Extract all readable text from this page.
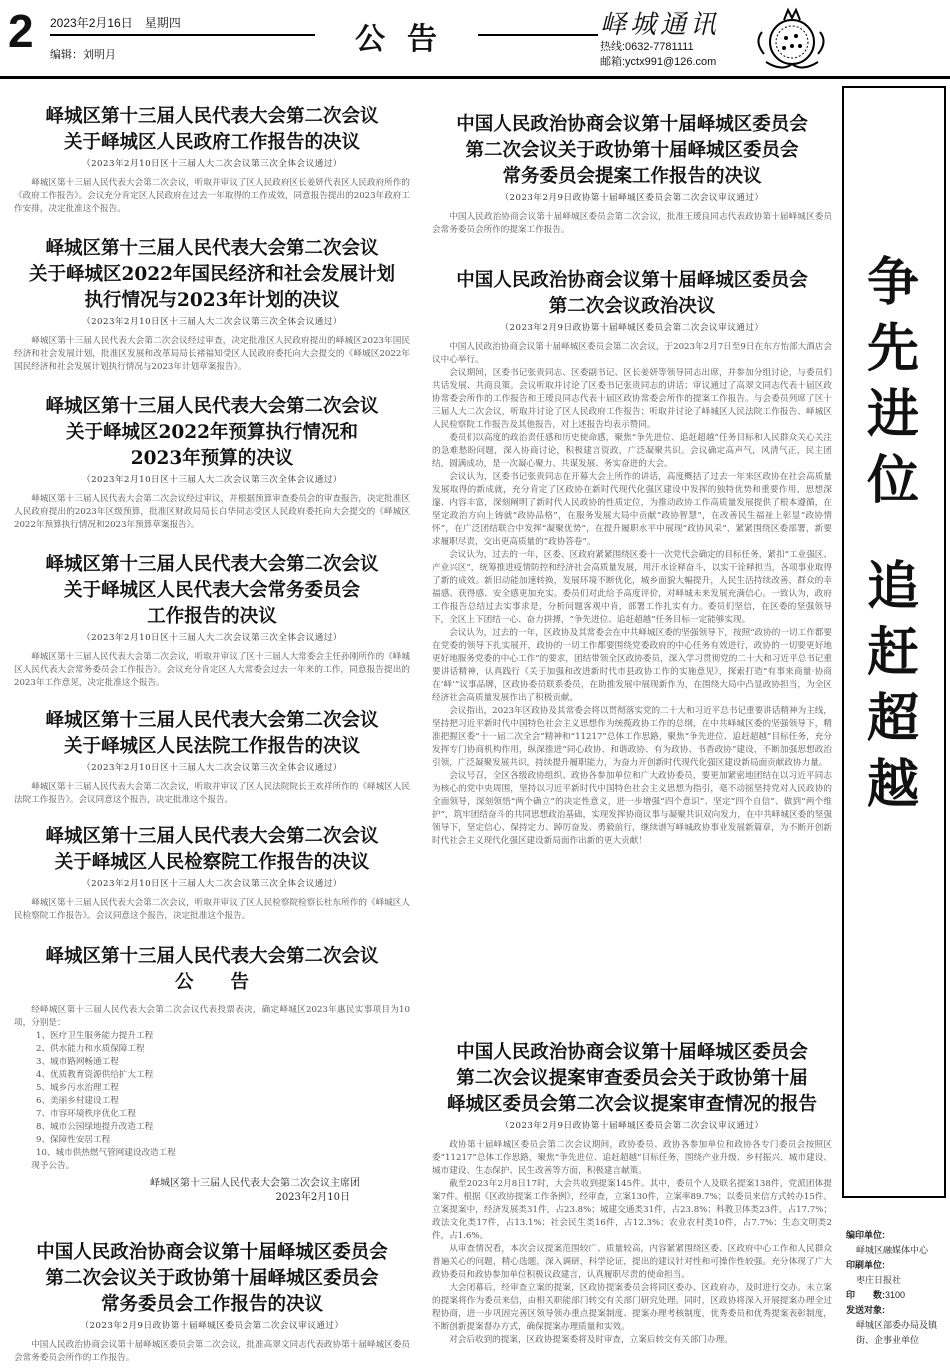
2 2023年2月16日　星期四
编辑：刘明月	公告	峄城通讯
热线:0632-7781111
邮箱:yctx991@126.com

峄城区第十三届人民代表大会第二次会议

关于峄城区人民政府工作报告的决议

（2023年2月10日区十三届人大二次会议第三次全体会议通过）

峄城区第十三届人民代表大会第二次会议，听取并审议了区人民政府区长姜妍代表区人民政府所作的《政府工作报告》。会议充分肯定区人民政府在过去一年取得的工作成效，同意报告提出的2023年政府工作安排，决定批准这个报告。

峄城区第十三届人民代表大会第二次会议

关于峄城区2022年国民经济和社会发展计划

执行情况与2023年计划的决议

（2023年2月10日区十三届人大二次会议第三次全体会议通过）

峄城区第十三届人民代表大会第二次会议经过审查，决定批准区人民政府提出的峄城区2023年国民经济和社会发展计划，批准区发展和改革局局长褚福知受区人民政府委托向大会提交的《峄城区2022年国民经济和社会发展计划执行情况与2023年计划草案报告》。

峄城区第十三届人民代表大会第二次会议

关于峄城区2022年预算执行情况和

2023年预算的决议

（2023年2月10日区十三届人大二次会议第三次全体会议通过）

峄城区第十三届人民代表大会第二次会议经过审议，并根据预算审查委员会的审查报告，决定批准区人民政府提出的2023年区级预算，批准区财政局局长白华同志受区人民政府委托向大会提交的《峄城区2022年预算执行情况和2023年预算草案报告》。

峄城区第十三届人民代表大会第二次会议

关于峄城区人民代表大会常务委员会

工作报告的决议

（2023年2月10日区十三届人大二次会议第三次全体会议通过）

峄城区第十三届人民代表大会第二次会议，听取并审议了区十三届人大常委会主任孙刚所作的《峄城区人民代表大会常务委员会工作报告》。会议充分肯定区人大常委会过去一年来的工作，同意报告提出的2023年工作意见，决定批准这个报告。

峄城区第十三届人民代表大会第二次会议

关于峄城区人民法院工作报告的决议

（2023年2月10日区十三届人大二次会议第三次全体会议通过）

峄城区第十三届人民代表大会第二次会议，听取并审议了区人民法院院长王欢祥所作的《峄城区人民法院工作报告》。会议同意这个报告，决定批准这个报告。

峄城区第十三届人民代表大会第二次会议

关于峄城区人民检察院工作报告的决议

（2023年2月10日区十三届人大二次会议第三次全体会议通过）

峄城区第十三届人民代表大会第二次会议，听取并审议了区人民检察院检察长杜东所作的《峄城区人民检察院工作报告》。会议同意这个报告，决定批准这个报告。

峄城区第十三届人民代表大会第二次会议

公　　告

经峄城区第十三届人民代表大会第二次会议代表投票表决，确定峄城区2023年惠民实事项目为10项，分别是：

1、医疗卫生服务能力提升工程
2、供水能力和水质保障工程
3、城市路网畅通工程
4、优质教育资源供给扩大工程
5、城乡污水治理工程
6、美丽乡村建设工程
7、市容环境秩序优化工程
8、城市公园绿地提升改造工程
9、保障性安居工程
10、城市供热燃气管网建设改造工程

现予公告。

峄城区第十三届人民代表大会第二次会议主席团
2023年2月10日

中国人民政治协商会议第十届峄城区委员会

第二次会议关于政协第十届峄城区委员会

常务委员会工作报告的决议

（2023年2月9日政协第十届峄城区委员会第二次会议审议通过）

中国人民政治协商会议第十届峄城区委员会第二次会议，批准高翠文同志代表政协第十届峄城区委员会常务委员会所作的工作报告。

中国人民政治协商会议第十届峄城区委员会

第二次会议关于政协第十届峄城区委员会

常务委员会提案工作报告的决议

（2023年2月9日政协第十届峄城区委员会第二次会议审议通过）

中国人民政治协商会议第十届峄城区委员会第二次会议，批准王瑷良同志代表政协第十届峄城区委员会常务委员会所作的提案工作报告。

中国人民政治协商会议第十届峄城区委员会

第二次会议政治决议

（2023年2月9日政协第十届峄城区委员会第二次会议审议通过）

中国人民政治协商会议第十届峄城区委员会第二次会议，于2023年2月7日至9日在东方怡部大酒店会议中心举行。

会议期间，区委书记张贵同志、区委副书记、区长姜妍等领导同志出席，并参加分组讨论，与委员们共话发展、共商良策。会议听取并讨论了区委书记张贵同志的讲话；审议通过了高翠文同志代表十届区政协常委会所作的工作报告和王瑷良同志代表十届区政协常委会所作的提案工作报告。与会委员列席了区十三届人大二次会议，听取并讨论了区人民政府工作报告；听取并讨论了峄城区人民法院工作报告、峄城区人民检察院工作报告及其他报告，对上述报告均表示赞同。

委员们以高度的政治责任感和历史使命感，聚焦“争先进位、追赶超越”任务目标和人民群众关心关注的急难愁盼问题，深入协商讨论，积极建言资政，广泛凝聚共识。会议确定高声气，风清气正，民主团结，圆满成功，是一次凝心聚力、共谋发展、务实奋进的大会。

会议认为，区委书记张贵同志在开幕大会上所作的讲话，高度概括了过去一年来区政协在社会高质量发展取得的新成就，充分肯定了区政协在新时代现代化强区建设中发挥的独特优势和重要作用，思想深邃、内容丰富，深刻阐明了新时代人民政协的性质定位，为推动政协工作高质量发展提供了根本遵循，在坚定政治方向上铸就“政协品格”，在服务发展大局中贡献“政协智慧”，在改善民生福祉上彰显“政协情怀”，在广泛团结联合中发挥“凝聚优势”，在提升履职水平中展现“政协风采”，紧紧围绕区委部署，新要求履职尽责，交出更高质量的“政协答卷”。

会议认为，过去的一年，区委、区政府紧紧围绕区委十一次党代会确定的目标任务，紧扣“工业强区、产业兴区”，统筹推进疫情防控和经济社会高质量发展，用汗水诠释奋斗，以实干诠释担当，各项事业取得了新的成效。新旧动能加速转换，发展环境不断优化，城乡面貌大幅提升，人民生活持续改善，群众的幸福感、获得感、安全感更加充实。委员们对此给予高度评价，对峄城未来发展充满信心。一致认为，政府工作报告总结过去实事求是，分析问题客观中肯，部署工作扎实有力。委员们坚信，在区委的坚强领导下，全区上下团结一心、奋力拼搏，“争先进位、追赶超越”任务目标一定能够实现。

会议认为，过去的一年，区政协及其常委会在中共峄城区委的坚强领导下，按照“政协的一切工作都要在党委的领导下扎实展开，政协的一切工作都要围绕党委政府的中心任务有效进行，政协的一切要更好地更好地服务党委的中心工作”的要求，团结带领全区政协委员，深入学习贯彻党的二十大和习近平总书记重要讲话精神，认真践行《关于加强和改进新时代市县政协工作的实施意见》，探索打造“有事来商量·协商在‘峄’”议事品牌，区政协委员联系委员，在助推发展中展现新作为，在围绕大局中凸显政协担当，为全区经济社会高质量发展作出了积极贡献。

会议指出，2023年区政协及其常委会将以贯彻落实党的二十大和习近平总书记重要讲话精神为主线，坚持把习近平新时代中国特色社会主义思想作为统揽政协工作的总纲，在中共峄城区委的坚强领导下，精准把握区委“十一届二次全会”精神和“11217”总体工作思路，聚焦“争先进位、追赶超越”目标任务，充分发挥专门协商机构作用，纵深推进“同心政协、和谐政协、有为政协、书香政协”建设，不断加强思想政治引领，广泛凝聚发展共识，持续提升履职能力，为奋力开创新时代现代化强区建设新局面贡献政协力量。

会议号召，全区各级政协组织、政协各参加单位和广大政协委员，要更加紧密地团结在以习近平同志为核心的党中央周围，坚持以习近平新时代中国特色社会主义思想为指引，毫不动摇坚持党对人民政协的全面领导，深刻领悟“两个确立”的决定性意义，进一步增强“四个意识”、坚定“四个自信”、做到“两个维护”，筑牢团结奋斗的共同思想政治基础，实现发挥协商议事与凝聚共识双向发力，在中共峄城区委的坚强领导下，坚定信心、保持定力、踔厉奋发、勇毅前行，继续谱写峄城政协事业发展新篇章，为不断开创新时代社会主义现代化强区建设新局面作出新的更大贡献！

中国人民政治协商会议第十届峄城区委员会

第二次会议提案审查委员会关于政协第十届

峄城区委员会第二次会议提案审查情况的报告

（2023年2月9日政协第十届峄城区委员会第二次会议审议通过）

政协第十届峄城区委员会第二次会议期间，政协委员、政协各参加单位和政协各专门委员会按照区委“11217”总体工作思路，聚焦“争先进位、追赶超越”目标任务，围绕产业升级、乡村振兴、城市建设、城市建设、生态保护、民生改善等方面，积极建言献策。

截至2023年2月8日17时，大会共收到提案145件。其中，委员个人及联名提案138件，党派团体提案7件。根据《区政协提案工作条例》，经审查，立案130件，立案率89.7%；以委员来信方式转办15件。立案提案中，经济发展类31件，占23.8%；城建交通类31件，占23.8%；科教卫体类23件，占17.7%；政法文化类17件，占13.1%；社会民生类16件，占12.3%；农业农村类10件，占7.7%；生态文明类2件，占1.6%。

从审查情况看，本次会议提案范围较广、质量较高，内容紧紧围绕区委、区政府中心工作和人民群众普遍关心的问题，精心选题，深入调研，科学论证，提出的建议针对性和可操作性较强。充分体现了广大政协委员和政协参加单位积极议政建言，认真履职尽责的使命担当。

大会闭幕后，经审查立案的提案，区政协提案委员会将同区委办、区政府办，及时进行交办。未立案的提案将作为委员来信，由相关职能部门转交有关部门研究处理。同时，区政协将深入开展提案办理全过程协商，进一步巩固完善区领导领办重点提案制度、提案办理考核制度，优秀委员和优秀提案表彰制度，不断创新提案督办方式，确保提案办理质量和实效。

对会后收到的提案，区政协提案委将及时审查，立案后转交有关部门办理。

争
先
进
位
追
赶
超
越
编印单位:
峄城区融媒体中心
印刷单位:
枣庄日报社
印　　数:3100
发送对象:
峄城区部委办局及镇街、企事业单位
